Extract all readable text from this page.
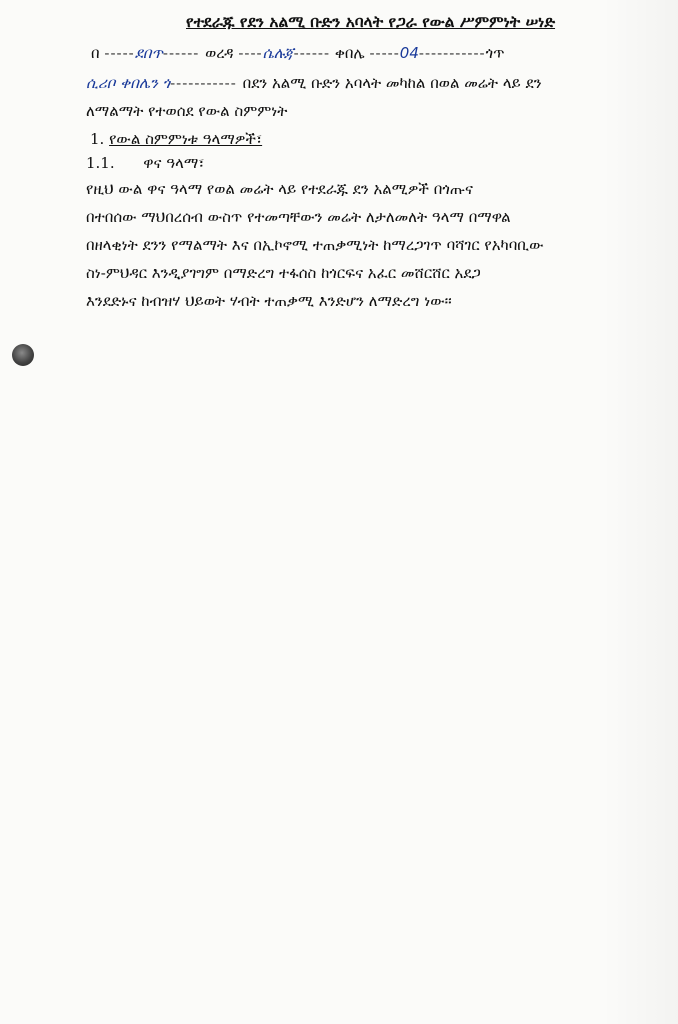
የተደራጁ የደን አልሚ ቡድን አባላት የጋራ የውል ሥምምነት ሠነድ
በ -----ደበጥ------ ወረዳ ----ሴሉጃ------ ቀበሌ -----04-----------ጎጥ
ሲሪቦ ቀበሌን ጎ----------- በደን አልሚ ቡድን አባላት መካከል በወል መሬት ላይ ደን
ለማልማት የተወሰደ የውል ስምምነት
1. የውል ስምምነቱ ዓላማዎች፣
1.1. ዋና ዓላማ፣
የዚህ ውል ዋና ዓላማ የወል መሬት ላይ የተደራጁ ደን አልሚዎች በጎጡና
በተበሰው ማህበረሰብ ውስጥ የተመጣቸውን መሬት ለታለመለት ዓላማ በማዋል
በዘላቂነት ደንን የማልማት እና በኢኮኖሚ ተጠቃሚነት ከማረጋገጥ ባሻገር የአካባቢው
ስነ-ምህዳር እንዲያገግም በማድረግ ተፋሰስ ከጎርፍና አፈር መሸርሸር አደጋ
እንደድኑና ከብዝሃ ህይወት ሃብት ተጠቃሚ እንድሆን ለማድረግ ነው፡፡
